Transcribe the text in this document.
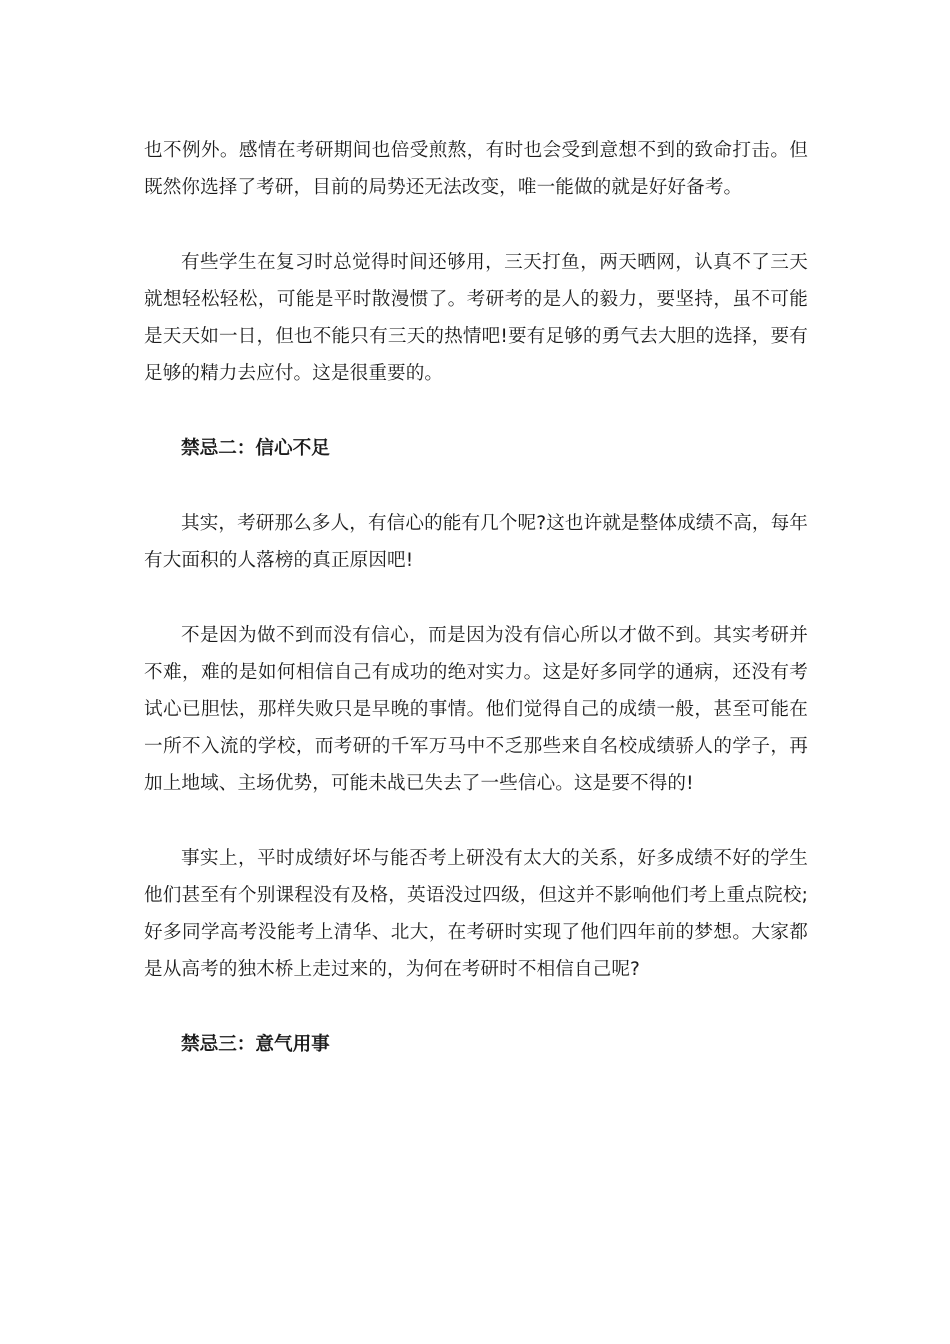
也不例外。感情在考研期间也倍受煎熬，有时也会受到意想不到的致命打击。但既然你选择了考研，目前的局势还无法改变，唯一能做的就是好好备考。

有些学生在复习时总觉得时间还够用，三天打鱼，两天晒网，认真不了三天就想轻松轻松，可能是平时散漫惯了。考研考的是人的毅力，要坚持，虽不可能是天天如一日，但也不能只有三天的热情吧!要有足够的勇气去大胆的选择，要有足够的精力去应付。这是很重要的。

禁忌二：信心不足

其实，考研那么多人，有信心的能有几个呢?这也许就是整体成绩不高，每年有大面积的人落榜的真正原因吧!

不是因为做不到而没有信心，而是因为没有信心所以才做不到。其实考研并不难，难的是如何相信自己有成功的绝对实力。这是好多同学的通病，还没有考试心已胆怯，那样失败只是早晚的事情。他们觉得自己的成绩一般，甚至可能在一所不入流的学校，而考研的千军万马中不乏那些来自名校成绩骄人的学子，再加上地域、主场优势，可能未战已失去了一些信心。这是要不得的!

事实上，平时成绩好坏与能否考上研没有太大的关系，好多成绩不好的学生他们甚至有个别课程没有及格，英语没过四级，但这并不影响他们考上重点院校;好多同学高考没能考上清华、北大，在考研时实现了他们四年前的梦想。大家都是从高考的独木桥上走过来的，为何在考研时不相信自己呢?

禁忌三：意气用事
